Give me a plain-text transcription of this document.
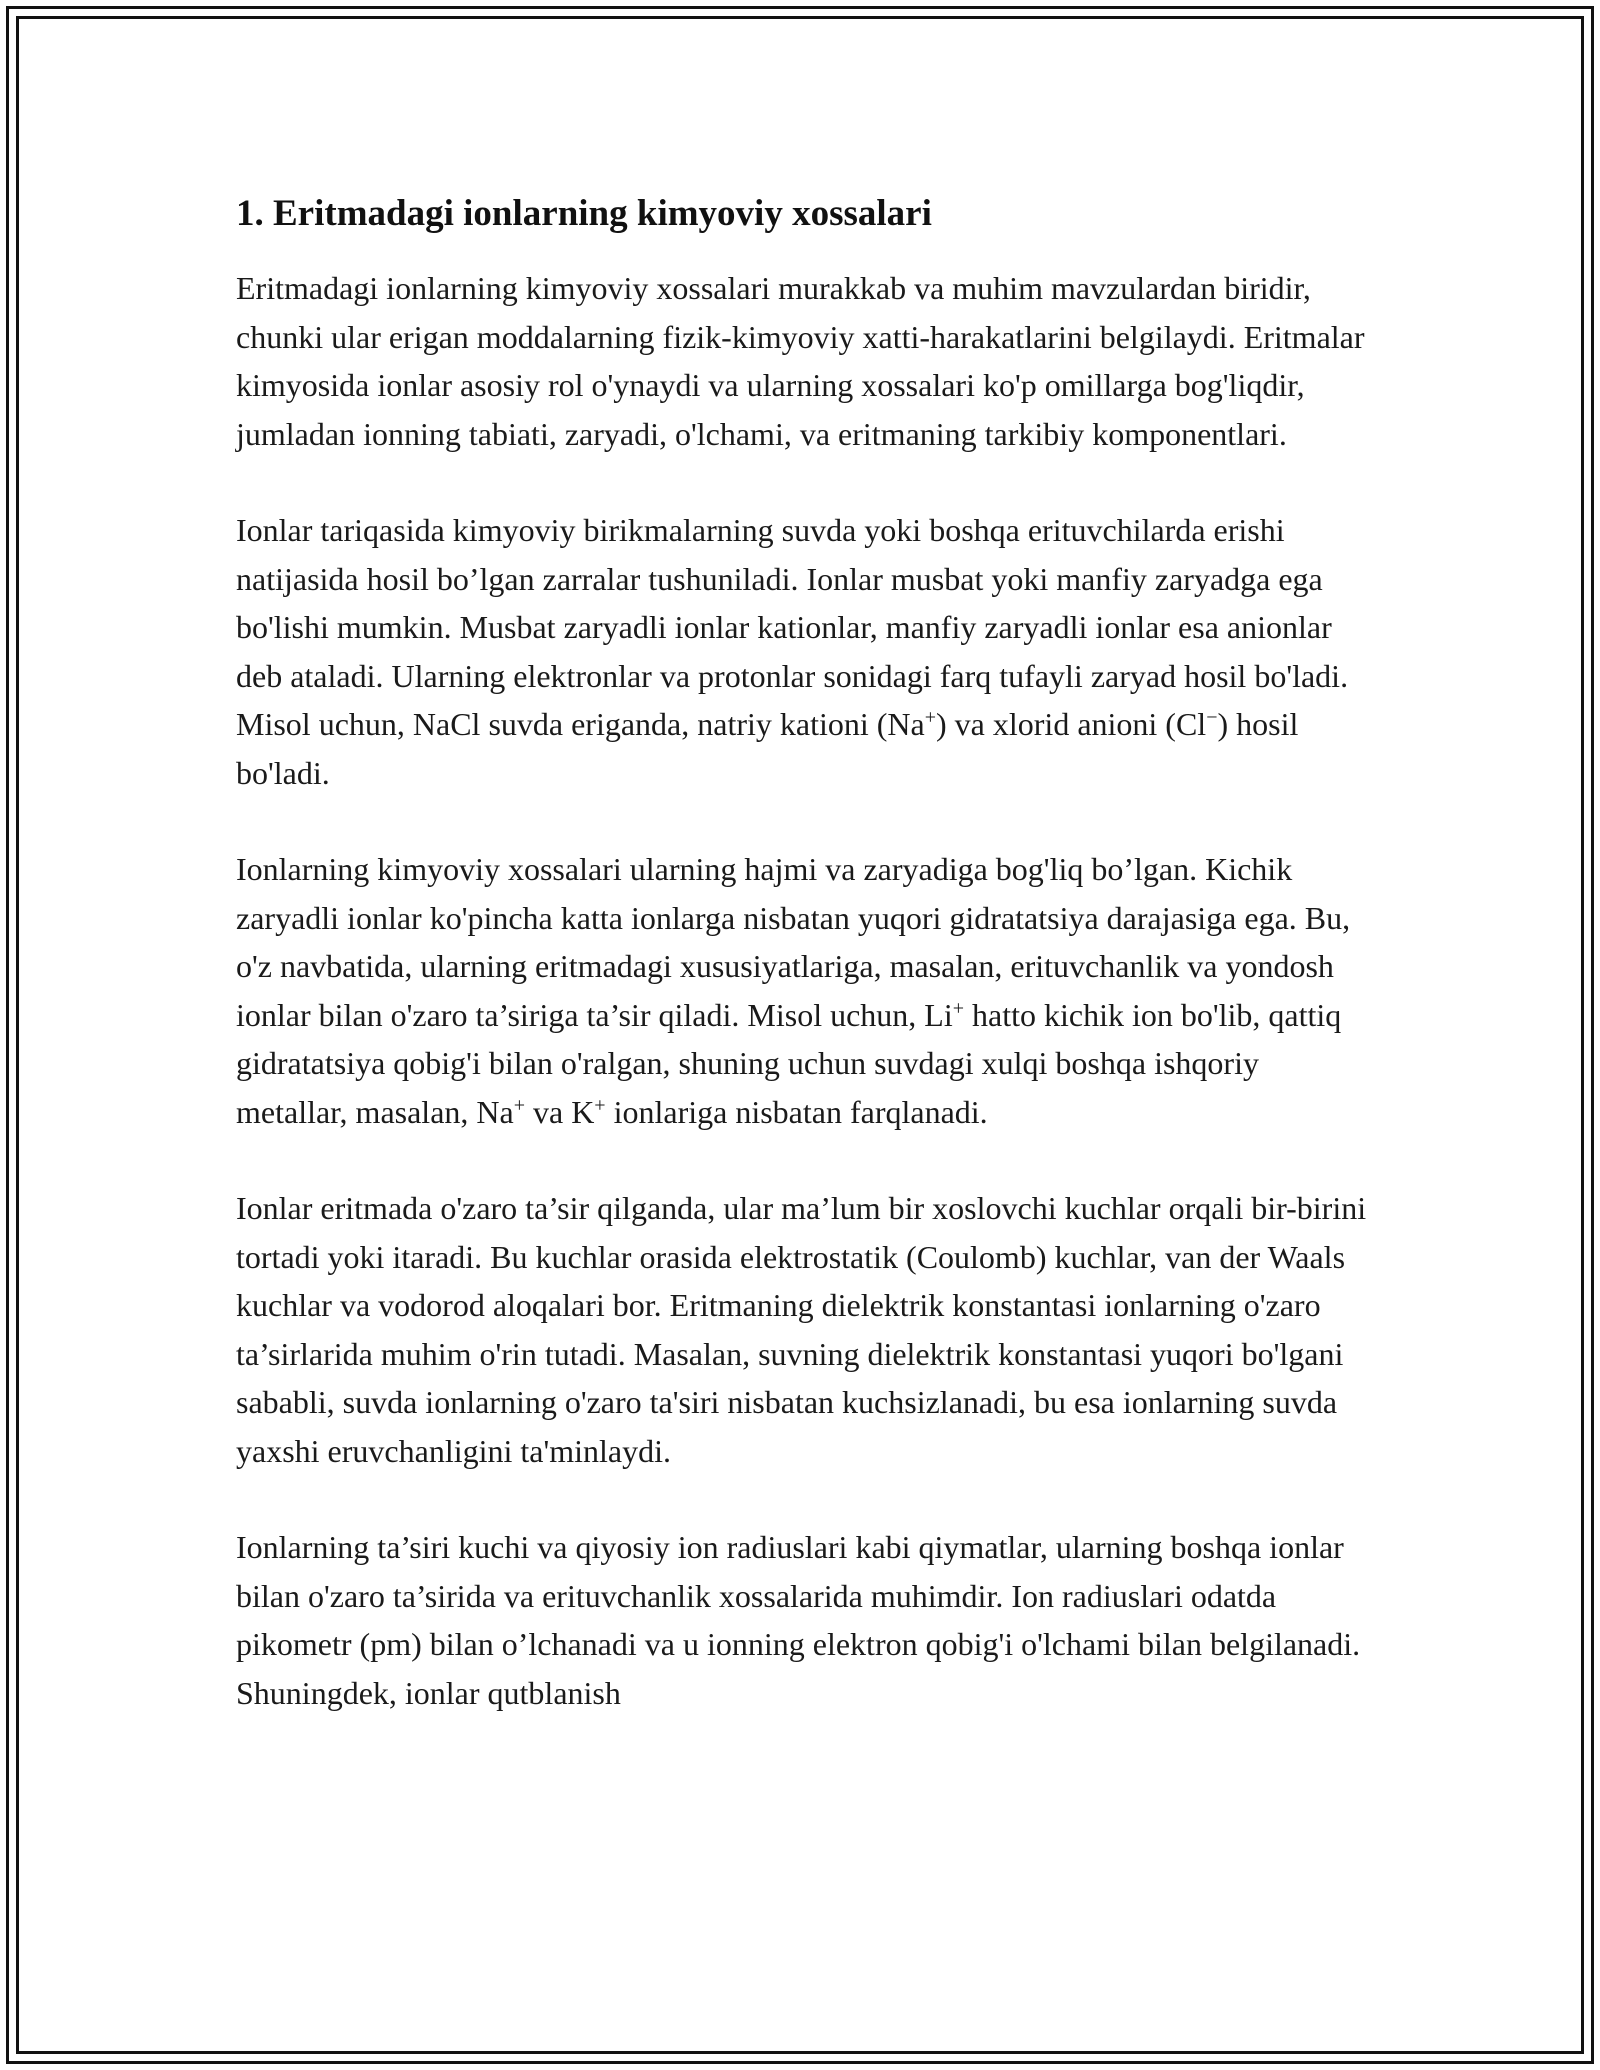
1. Eritmadagi ionlarning kimyoviy xossalari

Eritmadagi ionlarning kimyoviy xossalari murakkab va muhim mavzulardan biridir, chunki ular erigan moddalarning fizik-kimyoviy xatti-harakatlarini belgilaydi. Eritmalar kimyosida ionlar asosiy rol o'ynaydi va ularning xossalari ko'p omillarga bog'liqdir, jumladan ionning tabiati, zaryadi, o'lchami, va eritmaning tarkibiy komponentlari.

Ionlar tariqasida kimyoviy birikmalarning suvda yoki boshqa erituvchilarda erishi natijasida hosil bo’lgan zarralar tushuniladi. Ionlar musbat yoki manfiy zaryadga ega bo'lishi mumkin. Musbat zaryadli ionlar kationlar, manfiy zaryadli ionlar esa anionlar deb ataladi. Ularning elektronlar va protonlar sonidagi farq tufayli zaryad hosil bo'ladi. Misol uchun, NaCl suvda eriganda, natriy kationi (Na+) va xlorid anioni (Cl−) hosil bo'ladi.

Ionlarning kimyoviy xossalari ularning hajmi va zaryadiga bog'liq bo’lgan. Kichik zaryadli ionlar ko'pincha katta ionlarga nisbatan yuqori gidratatsiya darajasiga ega. Bu, o'z navbatida, ularning eritmadagi xususiyatlariga, masalan, erituvchanlik va yondosh ionlar bilan o'zaro ta’siriga ta’sir qiladi. Misol uchun, Li+ hatto kichik ion bo'lib, qattiq gidratatsiya qobig'i bilan o'ralgan, shuning uchun suvdagi xulqi boshqa ishqoriy metallar, masalan, Na+ va K+ ionlariga nisbatan farqlanadi.

Ionlar eritmada o'zaro ta’sir qilganda, ular ma’lum bir xoslovchi kuchlar orqali bir-birini tortadi yoki itaradi. Bu kuchlar orasida elektrostatik (Coulomb) kuchlar, van der Waals kuchlar va vodorod aloqalari bor. Eritmaning dielektrik konstantasi ionlarning o'zaro ta’sirlarida muhim o'rin tutadi. Masalan, suvning dielektrik konstantasi yuqori bo'lgani sababli, suvda ionlarning o'zaro ta'siri nisbatan kuchsizlanadi, bu esa ionlarning suvda yaxshi eruvchanligini ta'minlaydi.

Ionlarning ta’siri kuchi va qiyosiy ion radiuslari kabi qiymatlar, ularning boshqa ionlar bilan o'zaro ta’sirida va erituvchanlik xossalarida muhimdir. Ion radiuslari odatda pikometr (pm) bilan o’lchanadi va u ionning elektron qobig'i o'lchami bilan belgilanadi. Shuningdek, ionlar qutblanish
